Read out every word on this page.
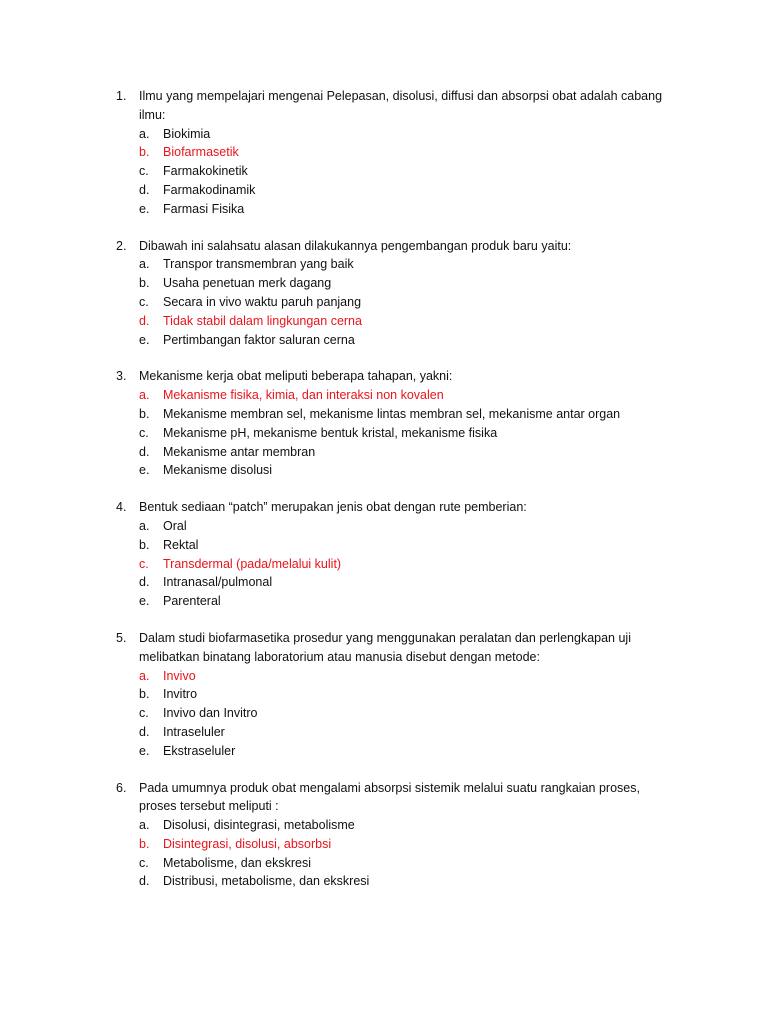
1.	Ilmu yang mempelajari mengenai Pelepasan, disolusi, diffusi dan absorpsi obat adalah cabang ilmu:
a.	Biokimia
b.	Biofarmasetik
c.	Farmakokinetik
d.	Farmakodinamik
e.	Farmasi Fisika
2.	Dibawah ini salahsatu alasan dilakukannya pengembangan produk baru yaitu:
a.	Transpor transmembran yang baik
b.	Usaha penetuan merk dagang
c.	Secara in vivo waktu paruh panjang
d.	Tidak stabil dalam lingkungan cerna
e.	Pertimbangan faktor saluran cerna
3.	Mekanisme kerja obat meliputi beberapa tahapan, yakni:
a.	Mekanisme fisika, kimia, dan interaksi non kovalen
b.	Mekanisme membran sel, mekanisme lintas membran sel, mekanisme antar organ
c.	Mekanisme pH, mekanisme bentuk kristal, mekanisme fisika
d.	Mekanisme antar membran
e.	Mekanisme disolusi
4.	Bentuk sediaan “patch” merupakan jenis obat dengan rute pemberian:
a.	Oral
b.	Rektal
c.	Transdermal (pada/melalui kulit)
d.	Intranasal/pulmonal
e.	Parenteral
5.	Dalam studi biofarmasetika prosedur yang menggunakan peralatan dan perlengkapan uji melibatkan binatang laboratorium atau manusia disebut dengan metode:
a.	Invivo
b.	Invitro
c.	Invivo dan Invitro
d.	Intraseluler
e.	Ekstraseluler
6.	Pada umumnya produk obat mengalami absorpsi sistemik melalui suatu rangkaian proses, proses tersebut meliputi :
a.	Disolusi, disintegrasi, metabolisme
b.	Disintegrasi, disolusi, absorbsi
c.	Metabolisme, dan ekskresi
d.	Distribusi, metabolisme, dan ekskresi
